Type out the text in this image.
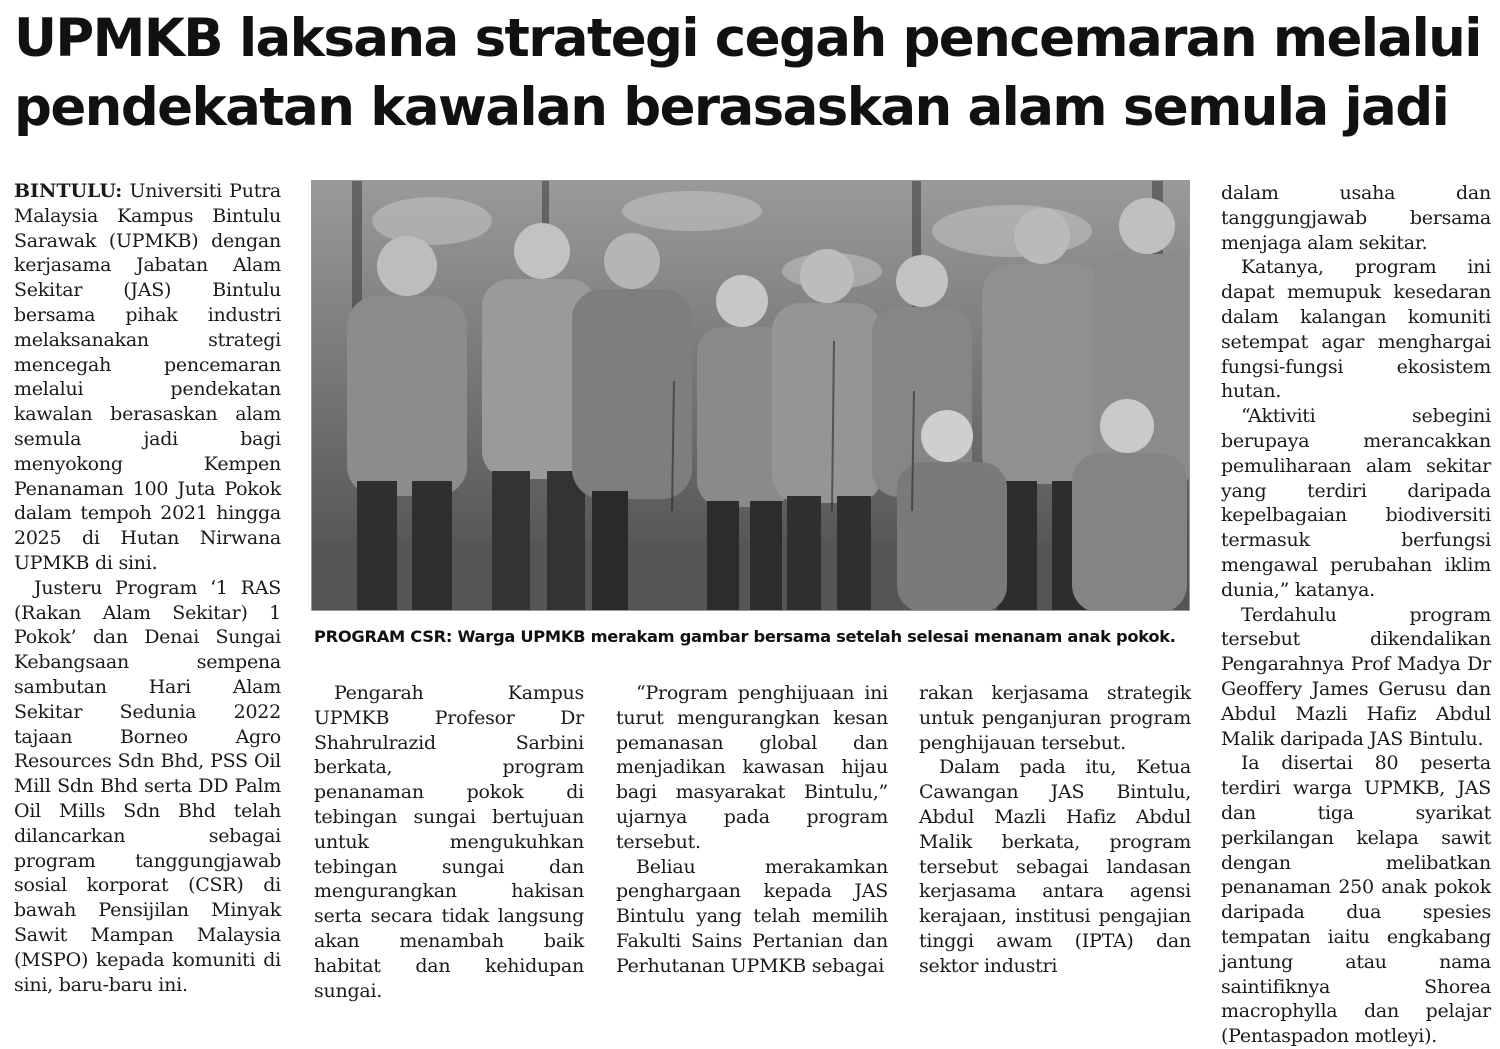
UPMKB laksana strategi cegah pencemaran melalui
pendekatan kawalan berasaskan alam semula jadi

BINTULU: Universiti Putra Malaysia Kampus Bintulu Sarawak (UPMKB) dengan kerjasama Jabatan Alam Sekitar (JAS) Bintulu bersama pihak industri melaksanakan strategi mencegah pencemaran melalui pendekatan kawalan berasaskan alam semula jadi bagi menyokong Kempen Penanaman 100 Juta Pokok dalam tempoh 2021 hingga 2025 di Hutan Nirwana UPMKB di sini.

Justeru Program ‘1 RAS (Rakan Alam Sekitar) 1 Pokok’ dan Denai Sungai Kebangsaan sempena sambutan Hari Alam Sekitar Sedunia 2022 tajaan Borneo Agro Resources Sdn Bhd, PSS Oil Mill Sdn Bhd serta DD Palm Oil Mills Sdn Bhd telah dilancarkan sebagai program tanggungjawab sosial korporat (CSR) di bawah Pensijilan Minyak Sawit Mampan Malaysia (MSPO) kepada komuniti di sini, baru-baru ini.

PROGRAM CSR: Warga UPMKB merakam gambar bersama setelah selesai menanam anak pokok.

Pengarah Kampus UPMKB Profesor Dr Shahrulrazid Sarbini berkata, program penanaman pokok di tebingan sungai bertujuan untuk mengukuhkan tebingan sungai dan mengurangkan hakisan serta secara tidak langsung akan menambah baik habitat dan kehidupan sungai.

“Program penghijuaan ini turut mengurangkan kesan pemanasan global dan menjadikan kawasan hijau bagi masyarakat Bintulu,” ujarnya pada program tersebut.

Beliau merakamkan penghargaan kepada JAS Bintulu yang telah memilih Fakulti Sains Pertanian dan Perhutanan UPMKB sebagai

rakan kerjasama strategik untuk penganjuran program penghijauan tersebut.

Dalam pada itu, Ketua Cawangan JAS Bintulu, Abdul Mazli Hafiz Abdul Malik berkata, program tersebut sebagai landasan kerjasama antara agensi kerajaan, institusi pengajian tinggi awam (IPTA) dan sektor industri

dalam usaha dan tanggungjawab bersama menjaga alam sekitar.

Katanya, program ini dapat memupuk kesedaran dalam kalangan komuniti setempat agar menghargai fungsi-fungsi ekosistem hutan.

“Aktiviti sebegini berupaya merancakkan pemuliharaan alam sekitar yang terdiri daripada kepelbagaian biodiversiti termasuk berfungsi mengawal perubahan iklim dunia,” katanya.

Terdahulu program tersebut dikendalikan Pengarahnya Prof Madya Dr Geoffery James Gerusu dan Abdul Mazli Hafiz Abdul Malik daripada JAS Bintulu.

Ia disertai 80 peserta terdiri warga UPMKB, JAS dan tiga syarikat perkilangan kelapa sawit dengan melibatkan penanaman 250 anak pokok daripada dua spesies tempatan iaitu engkabang jantung atau nama saintifiknya Shorea macrophylla dan pelajar (Pentaspadon motleyi).
